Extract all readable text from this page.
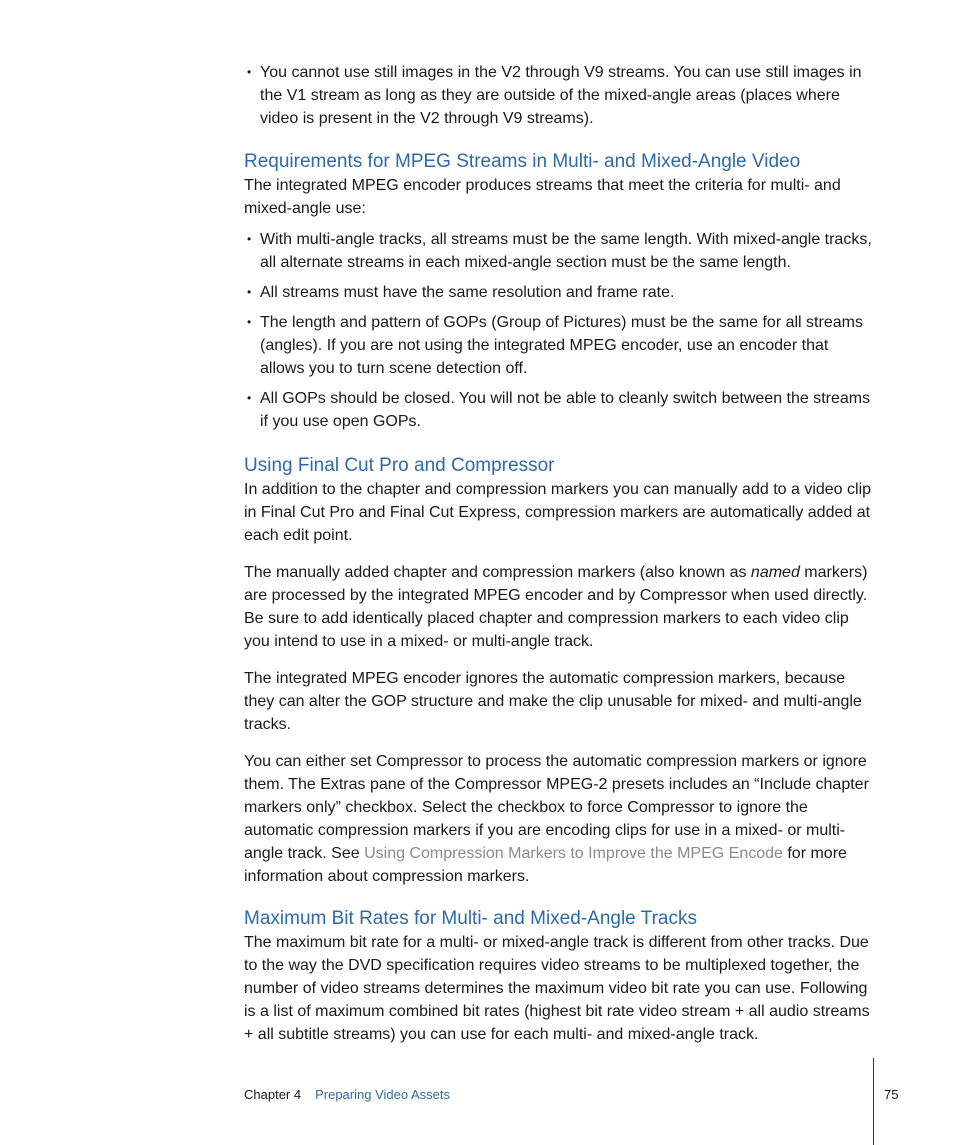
• You cannot use still images in the V2 through V9 streams. You can use still images in the V1 stream as long as they are outside of the mixed-angle areas (places where video is present in the V2 through V9 streams).
Requirements for MPEG Streams in Multi- and Mixed-Angle Video

The integrated MPEG encoder produces streams that meet the criteria for multi- and mixed-angle use:

• With multi-angle tracks, all streams must be the same length. With mixed-angle tracks, all alternate streams in each mixed-angle section must be the same length.
• All streams must have the same resolution and frame rate.
• The length and pattern of GOPs (Group of Pictures) must be the same for all streams (angles). If you are not using the integrated MPEG encoder, use an encoder that allows you to turn scene detection off.
• All GOPs should be closed. You will not be able to cleanly switch between the streams if you use open GOPs.
Using Final Cut Pro and Compressor

In addition to the chapter and compression markers you can manually add to a video clip in Final Cut Pro and Final Cut Express, compression markers are automatically added at each edit point.

The manually added chapter and compression markers (also known as named markers) are processed by the integrated MPEG encoder and by Compressor when used directly. Be sure to add identically placed chapter and compression markers to each video clip you intend to use in a mixed- or multi-angle track.

The integrated MPEG encoder ignores the automatic compression markers, because they can alter the GOP structure and make the clip unusable for mixed- and multi-angle tracks.

You can either set Compressor to process the automatic compression markers or ignore them. The Extras pane of the Compressor MPEG-2 presets includes an “Include chapter markers only” checkbox. Select the checkbox to force Compressor to ignore the automatic compression markers if you are encoding clips for use in a mixed- or multi-angle track. See Using Compression Markers to Improve the MPEG Encode for more information about compression markers.

Maximum Bit Rates for Multi- and Mixed-Angle Tracks

The maximum bit rate for a multi- or mixed-angle track is different from other tracks. Due to the way the DVD specification requires video streams to be multiplexed together, the number of video streams determines the maximum video bit rate you can use. Following is a list of maximum combined bit rates (highest bit rate video stream + all audio streams + all subtitle streams) you can use for each multi- and mixed-angle track.

Chapter 4 Preparing Video Assets	75
